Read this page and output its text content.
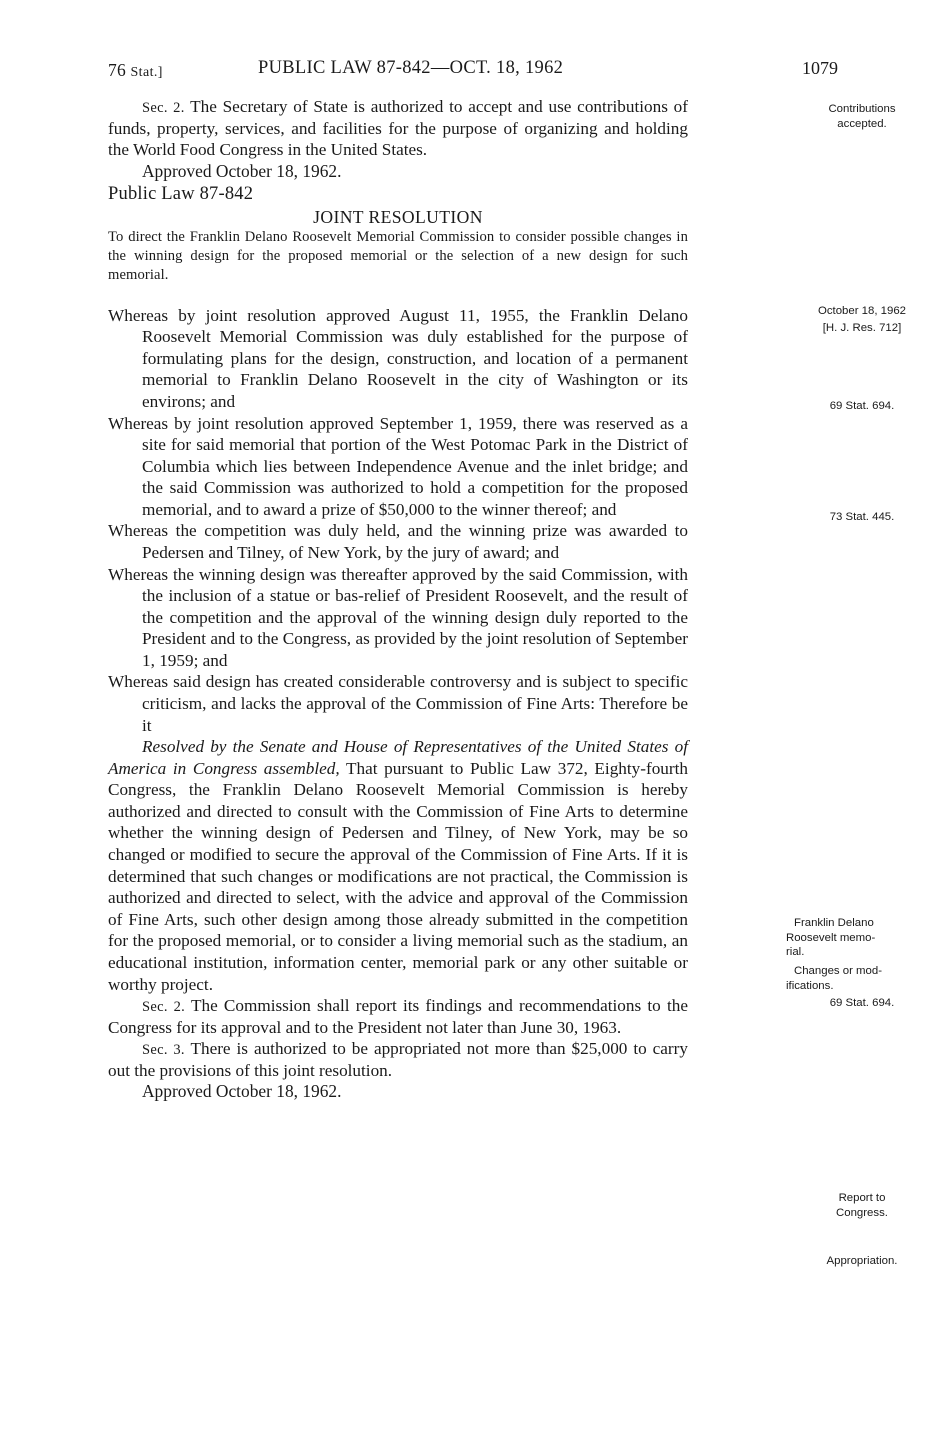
76 Stat.]	PUBLIC LAW 87-842—OCT. 18, 1962	1079

Sec. 2. The Secretary of State is authorized to accept and use contributions of funds, property, services, and facilities for the purpose of organizing and holding the World Food Congress in the United States.

Approved October 18, 1962.

Public Law 87-842

JOINT RESOLUTION

To direct the Franklin Delano Roosevelt Memorial Commission to consider possible changes in the winning design for the proposed memorial or the selection of a new design for such memorial.

Whereas by joint resolution approved August 11, 1955, the Franklin Delano Roosevelt Memorial Commission was duly established for the purpose of formulating plans for the design, construction, and location of a permanent memorial to Franklin Delano Roosevelt in the city of Washington or its environs; and

Whereas by joint resolution approved September 1, 1959, there was reserved as a site for said memorial that portion of the West Potomac Park in the District of Columbia which lies between Independence Avenue and the inlet bridge; and the said Commission was authorized to hold a competition for the proposed memorial, and to award a prize of $50,000 to the winner thereof; and

Whereas the competition was duly held, and the winning prize was awarded to Pedersen and Tilney, of New York, by the jury of award; and

Whereas the winning design was thereafter approved by the said Commission, with the inclusion of a statue or bas-relief of President Roosevelt, and the result of the competition and the approval of the winning design duly reported to the President and to the Congress, as provided by the joint resolution of September 1, 1959; and

Whereas said design has created considerable controversy and is subject to specific criticism, and lacks the approval of the Commission of Fine Arts: Therefore be it

Resolved by the Senate and House of Representatives of the United States of America in Congress assembled, That pursuant to Public Law 372, Eighty-fourth Congress, the Franklin Delano Roosevelt Memorial Commission is hereby authorized and directed to consult with the Commission of Fine Arts to determine whether the winning design of Pedersen and Tilney, of New York, may be so changed or modified to secure the approval of the Commission of Fine Arts. If it is determined that such changes or modifications are not practical, the Commission is authorized and directed to select, with the advice and approval of the Commission of Fine Arts, such other design among those already submitted in the competition for the proposed memorial, or to consider a living memorial such as the stadium, an educational institution, information center, memorial park or any other suitable or worthy project.

Sec. 2. The Commission shall report its findings and recommendations to the Congress for its approval and to the President not later than June 30, 1963.

Sec. 3. There is authorized to be appropriated not more than $25,000 to carry out the provisions of this joint resolution.

Approved October 18, 1962.

Contributions
accepted.
October 18, 1962
[H. J. Res. 712]
69 Stat. 694.
73 Stat. 445.
Franklin Delano
Roosevelt memo-
rial.
Changes or mod-
ifications.
69 Stat. 694.
Report to
Congress.
Appropriation.
